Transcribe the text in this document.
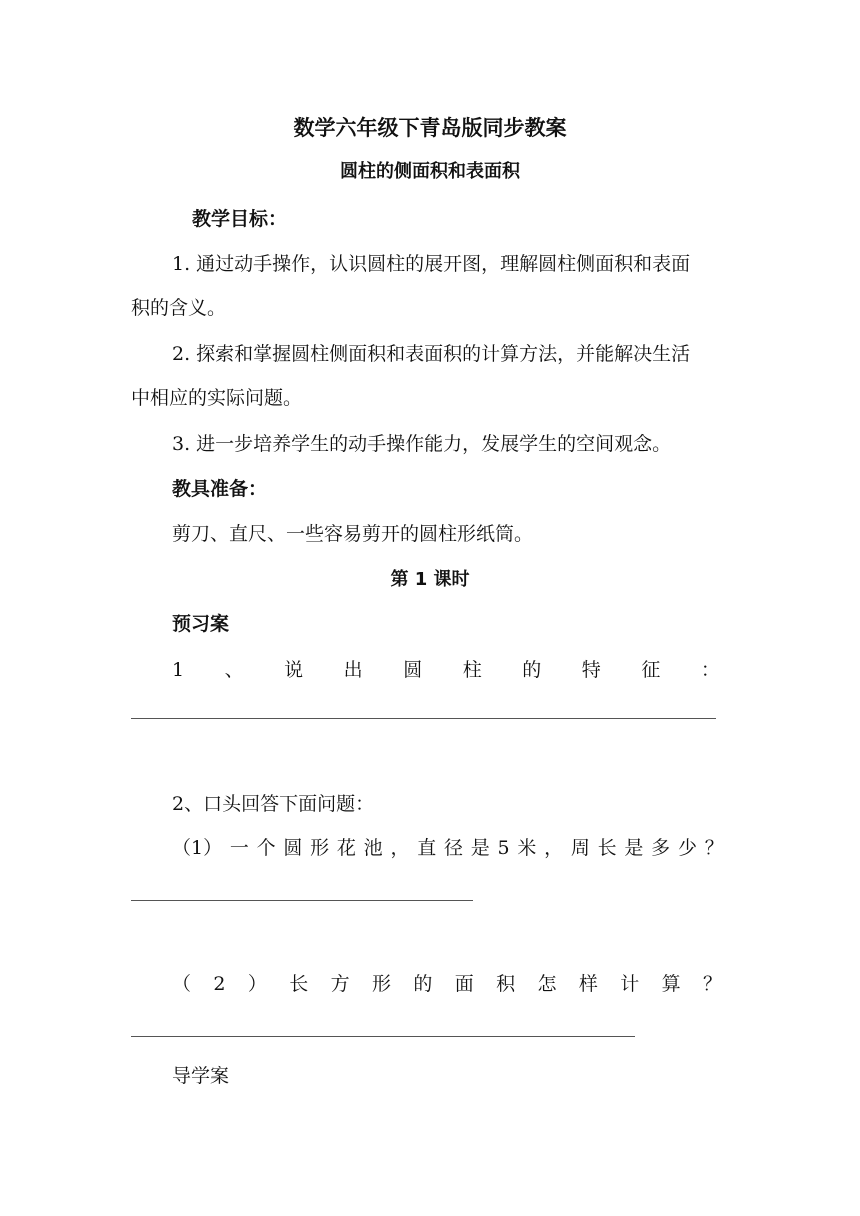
数学六年级下青岛版同步教案
圆柱的侧面积和表面积
教学目标：
1. 通过动手操作，认识圆柱的展开图，理解圆柱侧面积和表面
积的含义。
2. 探索和掌握圆柱侧面积和表面积的计算方法，并能解决生活
中相应的实际问题。
3. 进一步培养学生的动手操作能力，发展学生的空间观念。
教具准备：
剪刀、直尺、一些容易剪开的圆柱形纸筒。
第 1 课时
预习案
1 、 说 出 圆 柱 的 特 征 ：
2、口头回答下面问题：
（1） 一 个 圆 形 花 池 ， 直 径 是 5 米 ， 周 长 是 多 少 ？
（ 2 ） 长 方 形 的 面 积 怎 样 计 算 ？
导学案
